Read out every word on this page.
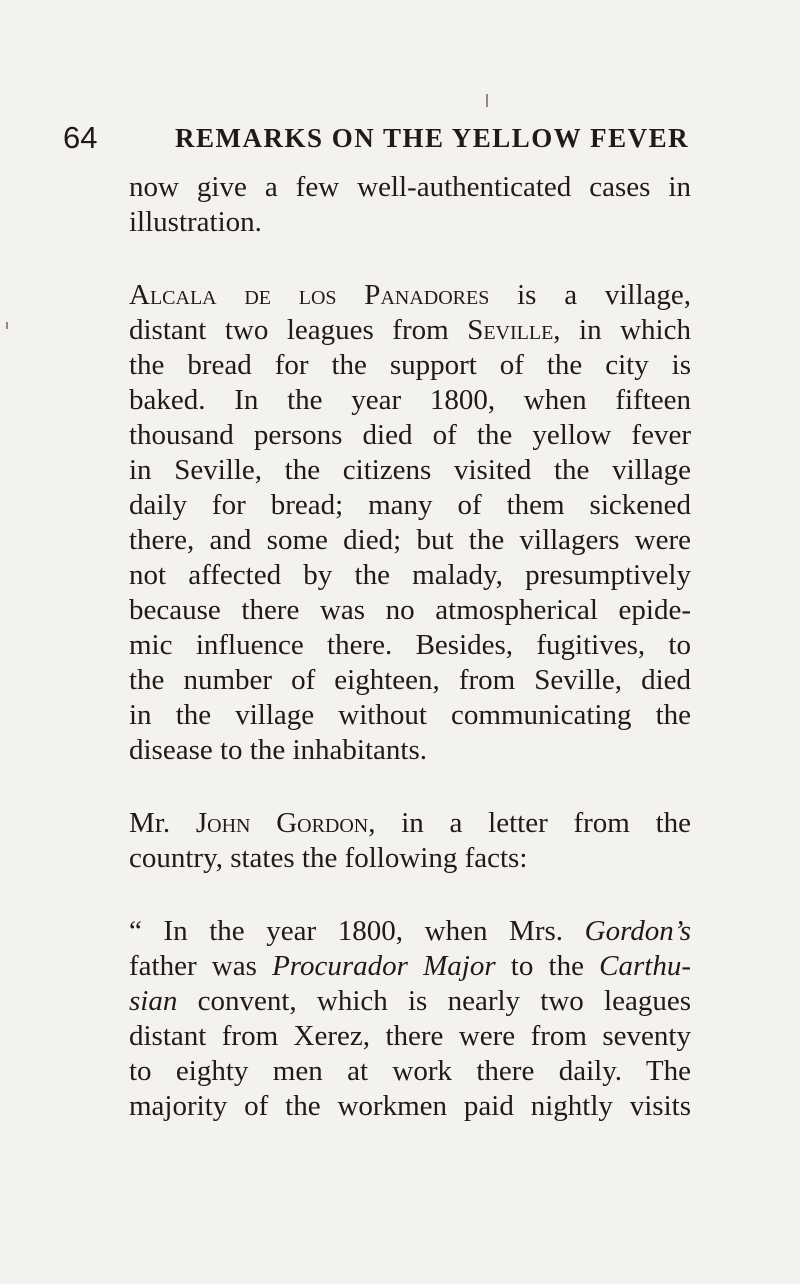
64	REMARKS ON THE YELLOW FEVER
now give a few well-authenticated cases in
illustration.
Alcala de los Panadores is a village,
distant two leagues from Seville, in which
the bread for the support of the city is
baked. In the year 1800, when fifteen
thousand persons died of the yellow fever
in Seville, the citizens visited the village
daily for bread; many of them sickened
there, and some died; but the villagers were
not affected by the malady, presumptively
because there was no atmospherical epide-
mic influence there. Besides, fugitives, to
the number of eighteen, from Seville, died
in the village without communicating the
disease to the inhabitants.
Mr. John Gordon, in a letter from the
country, states the following facts:
“ In the year 1800, when Mrs. Gordon’s
father was Procurador Major to the Carthu-
sian convent, which is nearly two leagues
distant from Xerez, there were from seventy
to eighty men at work there daily. The
majority of the workmen paid nightly visits
